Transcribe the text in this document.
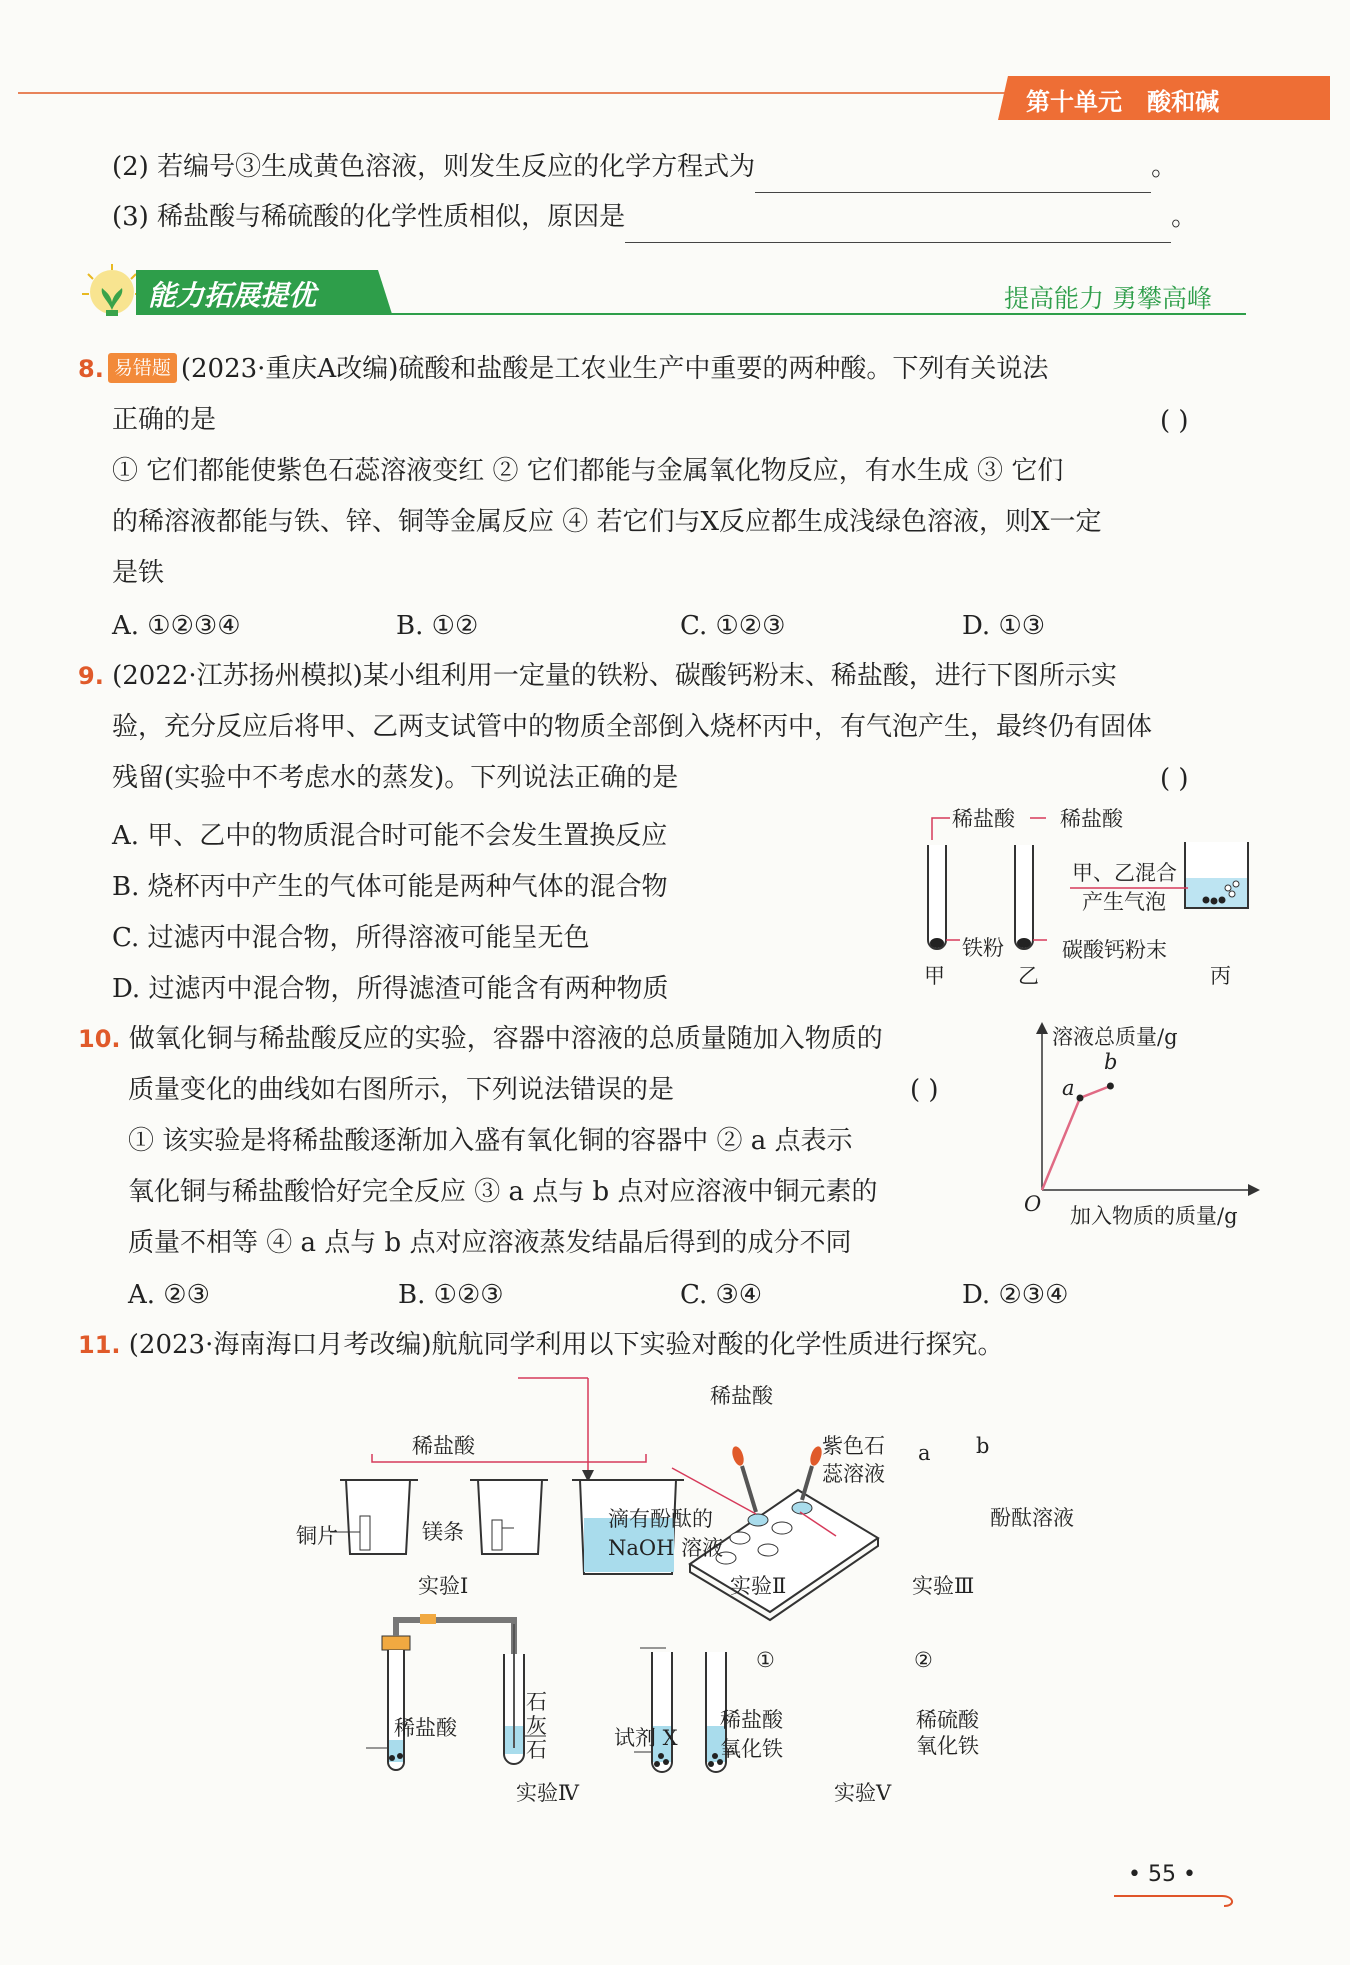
第十单元 酸和碱
(2) 若编号③生成黄色溶液，则发生反应的化学方程式为	。
(3) 稀盐酸与稀硫酸的化学性质相似，原因是	。
能力拓展提优	提高能力 勇攀高峰
8. 易错题 (2023·重庆A改编)硫酸和盐酸是工农业生产中重要的两种酸。下列有关说法
正确的是
① 它们都能使紫色石蕊溶液变红 ② 它们都能与金属氧化物反应，有水生成 ③ 它们
的稀溶液都能与铁、锌、铜等金属反应 ④ 若它们与X反应都生成浅绿色溶液，则X一定
是铁
( )
A. ①②③④	B. ①②	C. ①②③	D. ①③
9. (2022·江苏扬州模拟)某小组利用一定量的铁粉、碳酸钙粉末、稀盐酸，进行下图所示实
验，充分反应后将甲、乙两支试管中的物质全部倒入烧杯丙中，有气泡产生，最终仍有固体
残留(实验中不考虑水的蒸发)。下列说法正确的是	( )
A. 甲、乙中的物质混合时可能不会发生置换反应
B. 烧杯丙中产生的气体可能是两种气体的混合物
C. 过滤丙中混合物，所得溶液可能呈无色
D. 过滤丙中混合物，所得滤渣可能含有两种物质
稀盐酸 稀盐酸
甲、乙混合
产生气泡
铁粉	碳酸钙粉末
甲	乙	丙
10. 做氧化铜与稀盐酸反应的实验，容器中溶液的总质量随加入物质的
质量变化的曲线如右图所示，下列说法错误的是
① 该实验是将稀盐酸逐渐加入盛有氧化铜的容器中 ② a 点表示
氧化铜与稀盐酸恰好完全反应 ③ a 点与 b 点对应溶液中铜元素的
质量不相等 ④ a 点与 b 点对应溶液蒸发结晶后得到的成分不同
( )
A. ②③	B. ①②③	C. ③④	D. ②③④
溶液总质量/g
加入物质的质量/g
O
a
b
11. (2023·海南海口月考改编)航航同学利用以下实验对酸的化学性质进行探究。
稀盐酸
铜片	镁条
实验Ⅰ
稀盐酸
滴有酚酞的
NaOH 溶液
实验Ⅱ
紫色石
蕊溶液
a b
酚酞溶液
实验Ⅲ
稀盐酸
石
灰
石	试剂 X
实验Ⅳ
①	②
稀盐酸
氧化铁
稀硫酸
氧化铁
实验Ⅴ
• 55 •
